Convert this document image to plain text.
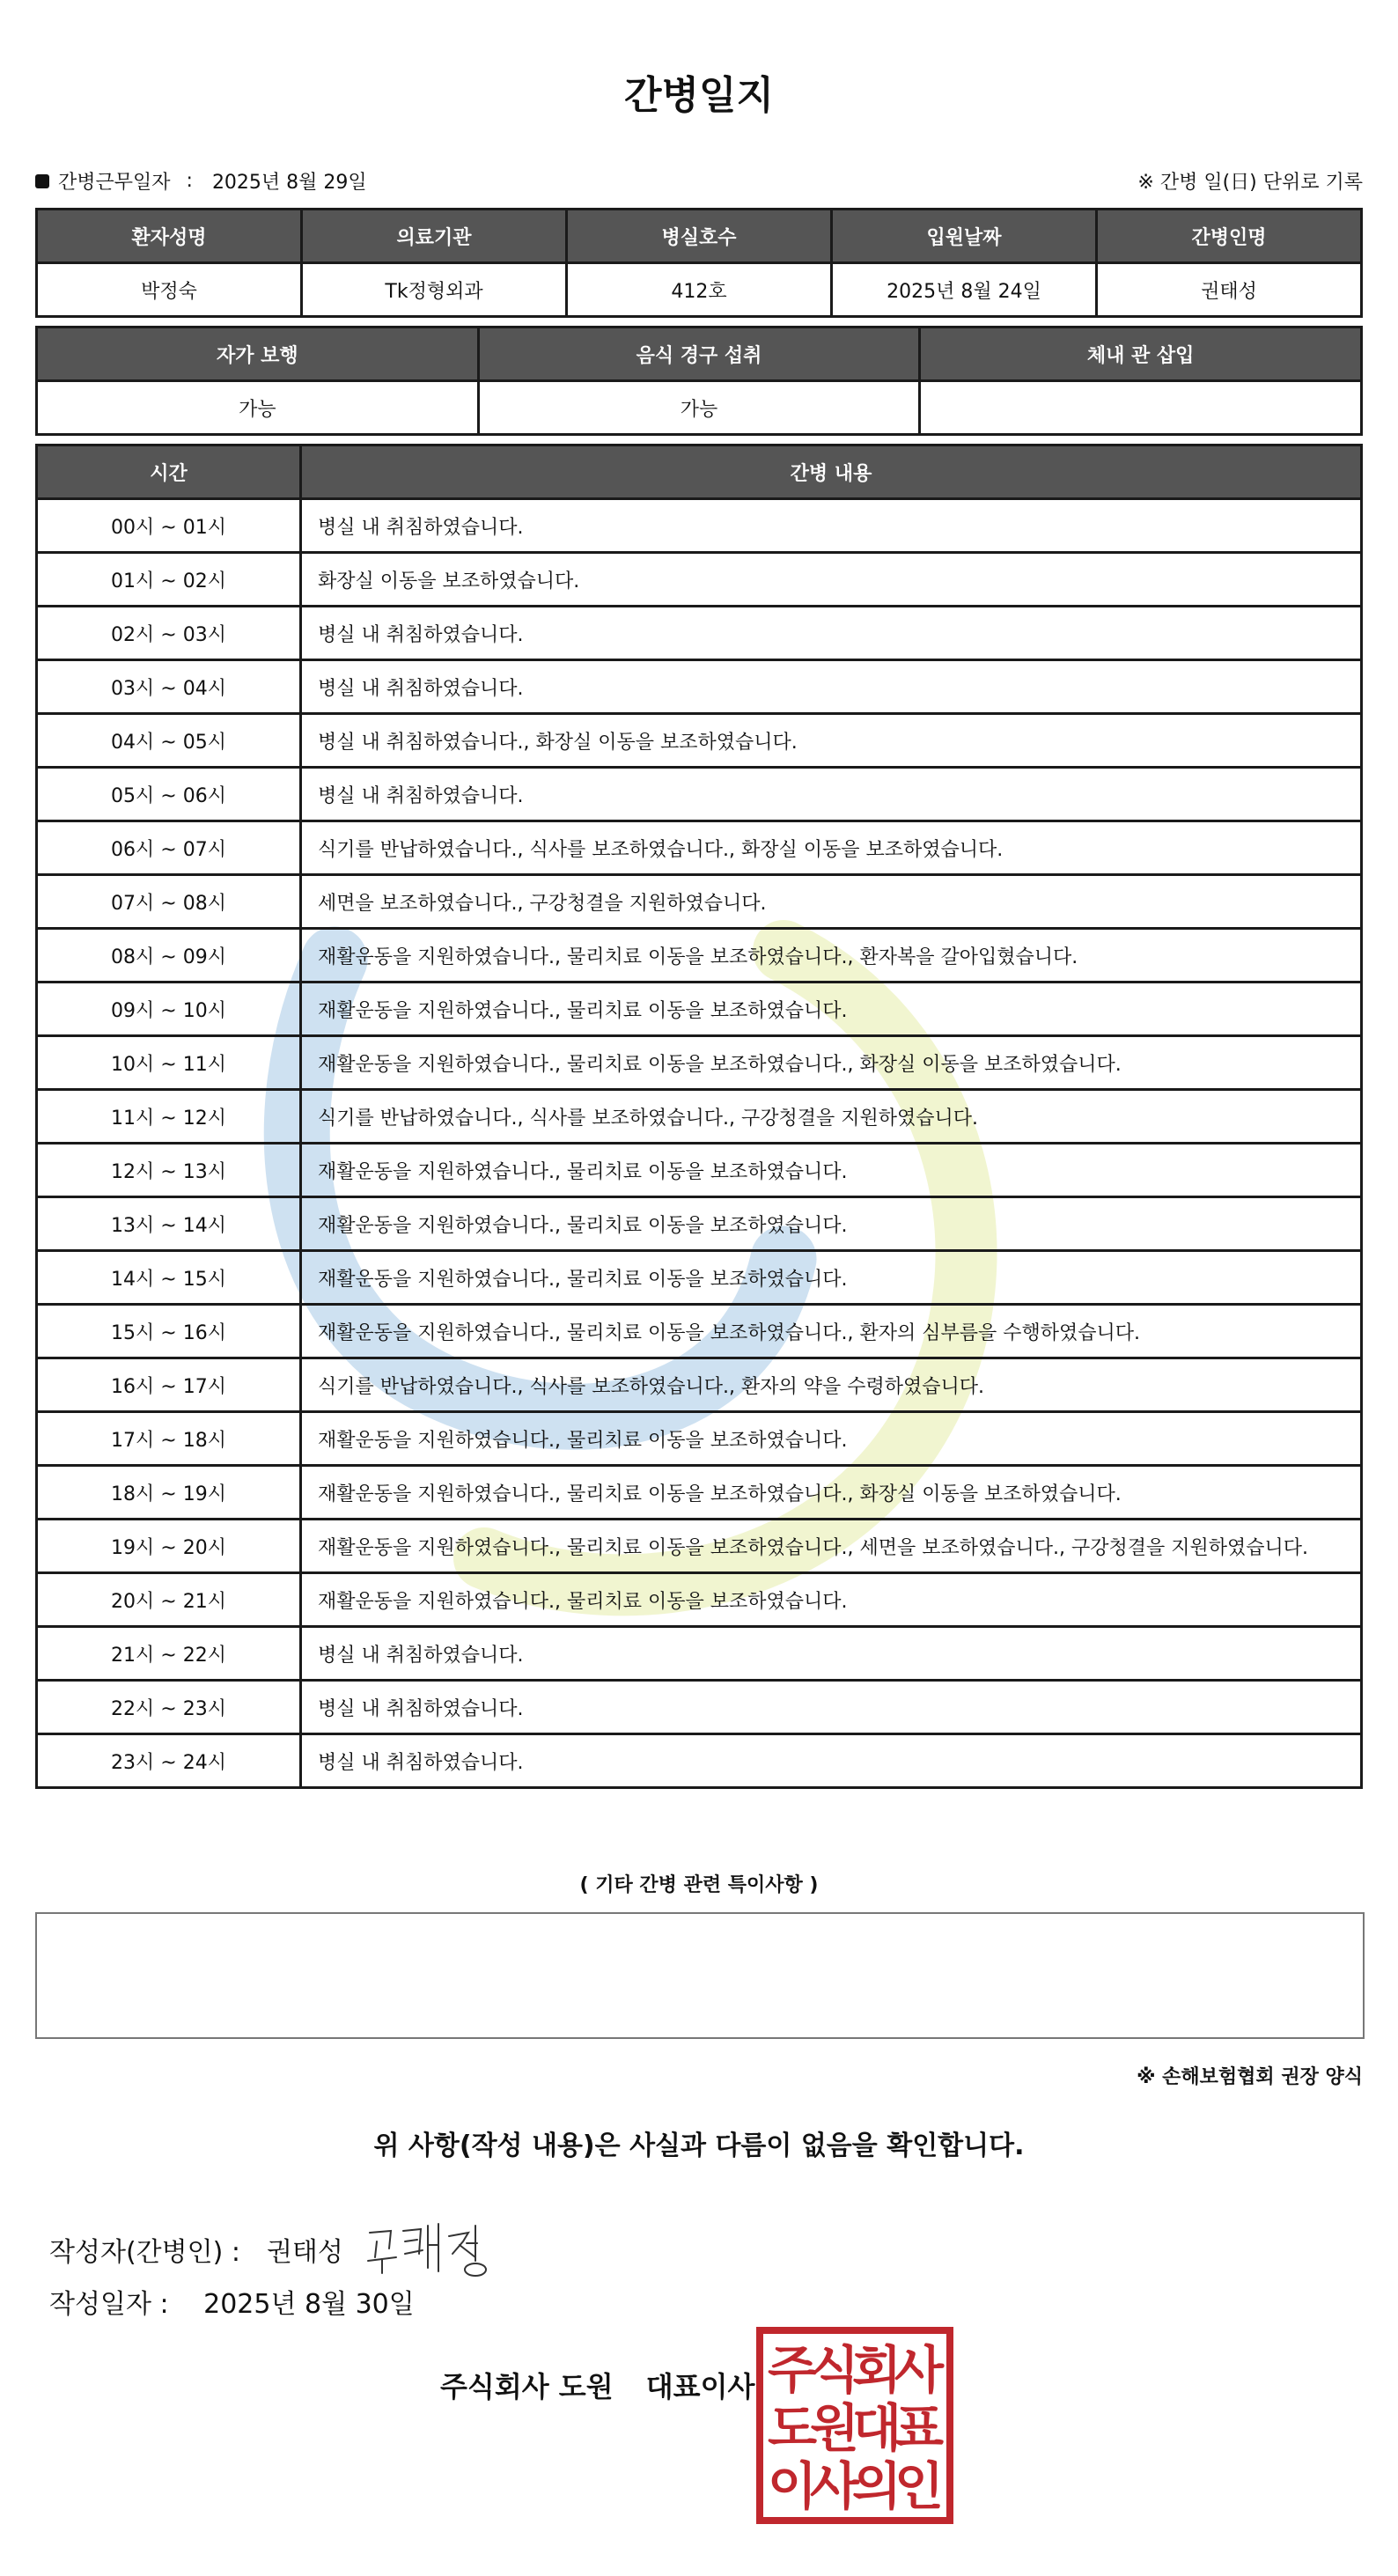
간병일지
간병근무일자 : 2025년 8월 29일	※ 간병 일(日) 단위로 기록
환자성명	의료기관	병실호수	입원날짜	간병인명
박정숙	Tk정형외과	412호	2025년 8월 24일	권태성
자가 보행	음식 경구 섭취	체내 관 삽입
가능	가능	
시간	간병 내용
00시 ~ 01시	병실 내 취침하였습니다.
01시 ~ 02시	화장실 이동을 보조하였습니다.
02시 ~ 03시	병실 내 취침하였습니다.
03시 ~ 04시	병실 내 취침하였습니다.
04시 ~ 05시	병실 내 취침하였습니다., 화장실 이동을 보조하였습니다.
05시 ~ 06시	병실 내 취침하였습니다.
06시 ~ 07시	식기를 반납하였습니다., 식사를 보조하였습니다., 화장실 이동을 보조하였습니다.
07시 ~ 08시	세면을 보조하였습니다., 구강청결을 지원하였습니다.
08시 ~ 09시	재활운동을 지원하였습니다., 물리치료 이동을 보조하였습니다., 환자복을 갈아입혔습니다.
09시 ~ 10시	재활운동을 지원하였습니다., 물리치료 이동을 보조하였습니다.
10시 ~ 11시	재활운동을 지원하였습니다., 물리치료 이동을 보조하였습니다., 화장실 이동을 보조하였습니다.
11시 ~ 12시	식기를 반납하였습니다., 식사를 보조하였습니다., 구강청결을 지원하였습니다.
12시 ~ 13시	재활운동을 지원하였습니다., 물리치료 이동을 보조하였습니다.
13시 ~ 14시	재활운동을 지원하였습니다., 물리치료 이동을 보조하였습니다.
14시 ~ 15시	재활운동을 지원하였습니다., 물리치료 이동을 보조하였습니다.
15시 ~ 16시	재활운동을 지원하였습니다., 물리치료 이동을 보조하였습니다., 환자의 심부름을 수행하였습니다.
16시 ~ 17시	식기를 반납하였습니다., 식사를 보조하였습니다., 환자의 약을 수령하였습니다.
17시 ~ 18시	재활운동을 지원하였습니다., 물리치료 이동을 보조하였습니다.
18시 ~ 19시	재활운동을 지원하였습니다., 물리치료 이동을 보조하였습니다., 화장실 이동을 보조하였습니다.
19시 ~ 20시	재활운동을 지원하였습니다., 물리치료 이동을 보조하였습니다., 세면을 보조하였습니다., 구강청결을 지원하였습니다.
20시 ~ 21시	재활운동을 지원하였습니다., 물리치료 이동을 보조하였습니다.
21시 ~ 22시	병실 내 취침하였습니다.
22시 ~ 23시	병실 내 취침하였습니다.
23시 ~ 24시	병실 내 취침하였습니다.
( 기타 간병 관련 특이사항 )
※ 손해보험협회 권장 양식
위 사항(작성 내용)은 사실과 다름이 없음을 확인합니다.
작성자(간병인) : 권태성
작성일자 : 2025년 8월 30일
주식회사 도원 대표이사 주
식
회
사
도
원
대
표
이
사
의
인
